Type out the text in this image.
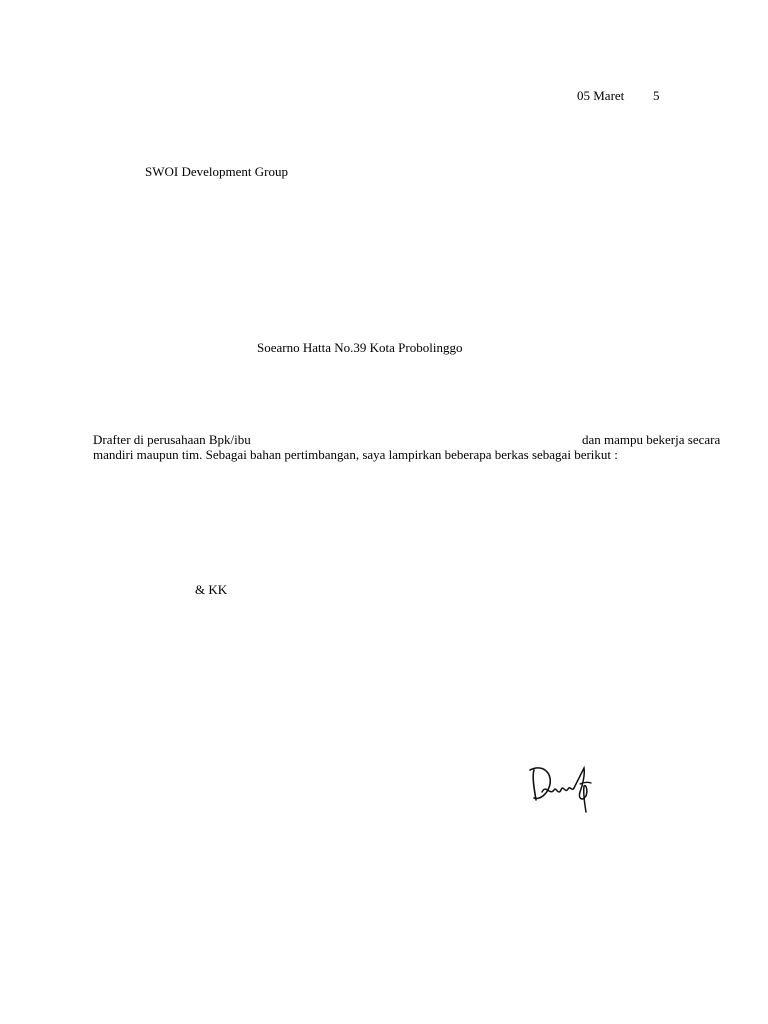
05 Maret 5
SWOI Development Group
Soearno Hatta No.39 Kota Probolinggo
Drafter di perusahaan Bpk/ibu	dan mampu bekerja secara
mandiri maupun tim. Sebagai bahan pertimbangan, saya lampirkan beberapa berkas sebagai berikut :
& KK
